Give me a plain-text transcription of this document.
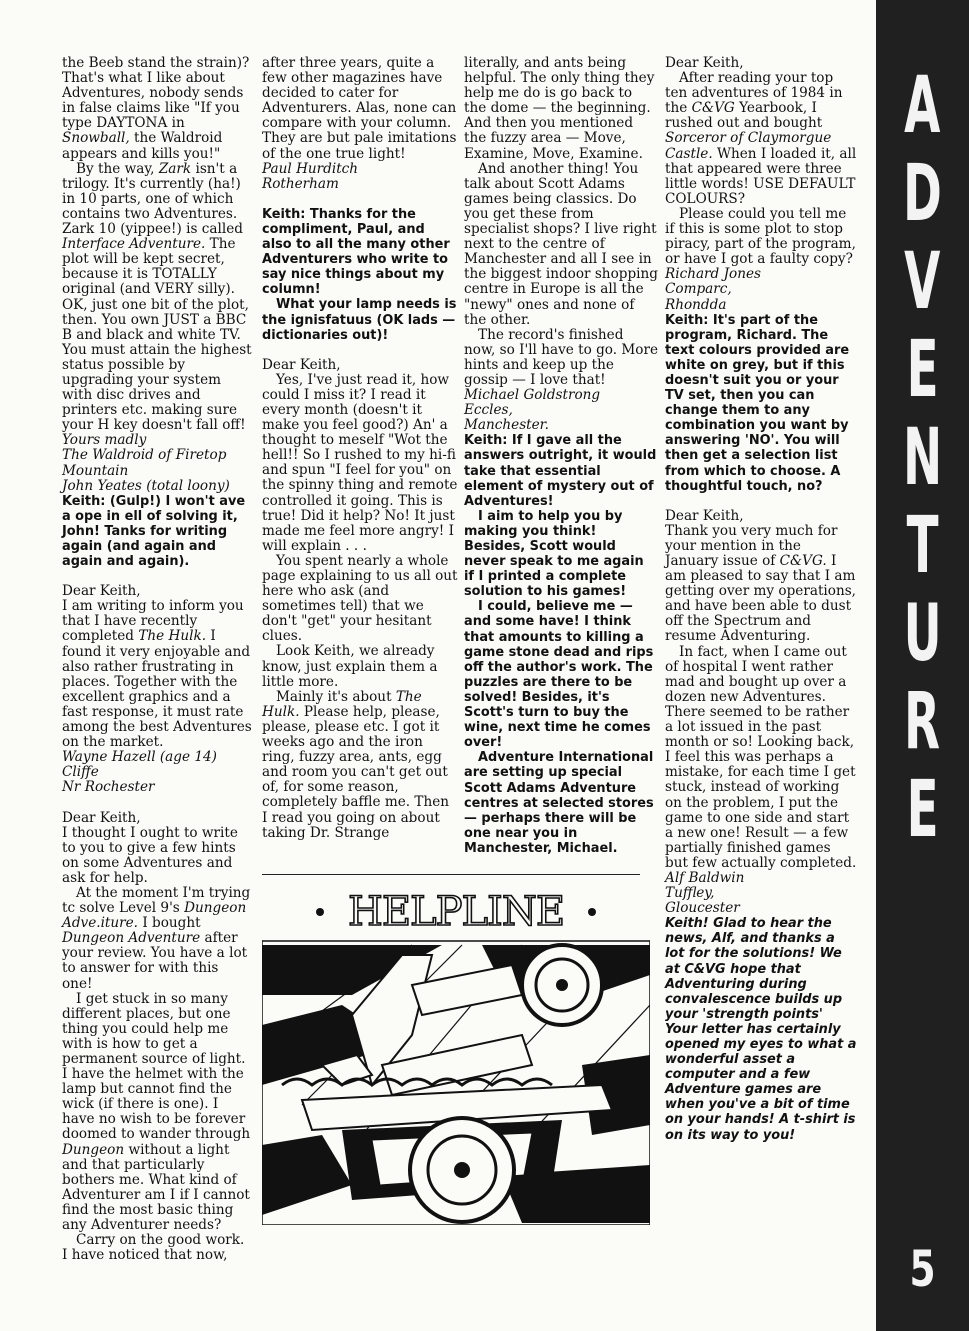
the Beeb stand the strain)? That's what I like about Adventures, nobody sends in false claims like "If you type DAYTONA in Snowball, the Waldroid appears and kills you!"

By the way, Zark isn't a trilogy. It's currently (ha!) in 10 parts, one of which contains two Adventures. Zark 10 (yippee!) is called Interface Adventure. The plot will be kept secret, because it is TOTALLY original (and VERY silly). OK, just one bit of the plot, then. You own JUST a BBC B and black and white TV. You must attain the highest status possible by upgrading your system with disc drives and printers etc. making sure your H key doesn't fall off!

Yours madly

The Waldroid of Firetop Mountain

John Yeates (total loony)

Keith: (Gulp!) I won't ave a ope in ell of solving it, John! Tanks for writing again (and again and again and again).

Dear Keith,

I am writing to inform you that I have recently completed The Hulk. I found it very enjoyable and also rather frustrating in places. Together with the excellent graphics and a fast response, it must rate among the best Adventures on the market.

Wayne Hazell (age 14)

Cliffe

Nr Rochester

Dear Keith,

I thought I ought to write to you to give a few hints on some Adventures and ask for help.

At the moment I'm trying tc solve Level 9's Dungeon Adve.iture. I bought Dungeon Adventure after your review. You have a lot to answer for with this one!

I get stuck in so many different places, but one thing you could help me with is how to get a permanent source of light. I have the helmet with the lamp but cannot find the wick (if there is one). I have no wish to be forever doomed to wander through Dungeon without a light and that particularly bothers me. What kind of Adventurer am I if I cannot find the most basic thing any Adventurer needs?

Carry on the good work. I have noticed that now,

after three years, quite a few other magazines have decided to cater for Adventurers. Alas, none can compare with your column. They are but pale imitations of the one true light!

Paul Hurditch

Rotherham

Keith: Thanks for the compliment, Paul, and also to all the many other Adventurers who write to say nice things about my column!

What your lamp needs is the ignisfatuus (OK lads — dictionaries out)!

Dear Keith,

Yes, I've just read it, how could I miss it? I read it every month (doesn't it make you feel good?) An' a thought to meself "Wot the hell!! So I rushed to my hi-fi and spun "I feel for you" on the spinny thing and remote controlled it going. This is true! Did it help? No! It just made me feel more angry! I will explain . . .

You spent nearly a whole page explaining to us all out here who ask (and sometimes tell) that we don't "get" your hesitant clues.

Look Keith, we already know, just explain them a little more.

Mainly it's about The Hulk. Please help, please, please, please etc. I got it weeks ago and the iron ring, fuzzy area, ants, egg and room you can't get out of, for some reason, completely baffle me. Then I read you going on about taking Dr. Strange

literally, and ants being helpful. The only thing they help me do is go back to the dome — the beginning. And then you mentioned the fuzzy area — Move, Examine, Move, Examine.

And another thing! You talk about Scott Adams games being classics. Do you get these from specialist shops? I live right next to the centre of Manchester and all I see in the biggest indoor shopping centre in Europe is all the "newy" ones and none of the other.

The record's finished now, so I'll have to go. More hints and keep up the gossip — I love that!

Michael Goldstrong

Eccles,

Manchester.

Keith: If I gave all the answers outright, it would take that essential element of mystery out of Adventures!

I aim to help you by making you think! Besides, Scott would never speak to me again if I printed a complete solution to his games!

I could, believe me — and some have! I think that amounts to killing a game stone dead and rips off the author's work. The puzzles are there to be solved! Besides, it's Scott's turn to buy the wine, next time he comes over!

Adventure International are setting up special Scott Adams Adventure centres at selected stores — perhaps there will be one near you in Manchester, Michael.

Dear Keith,

After reading your top ten adventures of 1984 in the C&VG Yearbook, I rushed out and bought Sorceror of Claymorgue Castle. When I loaded it, all that appeared were three little words! USE DEFAULT COLOURS?

Please could you tell me if this is some plot to stop piracy, part of the program, or have I got a faulty copy?

Richard Jones

Comparc,

Rhondda

Keith: It's part of the program, Richard. The text colours provided are white on grey, but if this doesn't suit you or your TV set, then you can change them to any combination you want by answering 'NO'. You will then get a selection list from which to choose. A thoughtful touch, no?

Dear Keith,

Thank you very much for your mention in the January issue of C&VG. I am pleased to say that I am getting over my operations, and have been able to dust off the Spectrum and resume Adventuring.

In fact, when I came out of hospital I went rather mad and bought up over a dozen new Adventures. There seemed to be rather a lot issued in the past month or so! Looking back, I feel this was perhaps a mistake, for each time I get stuck, instead of working on the problem, I put the game to one side and start a new one! Result — a few partially finished games but few actually completed.

Alf Baldwin

Tuffley,

Gloucester

Keith! Glad to hear the news, Alf, and thanks a lot for the solutions! We at C&VG hope that Adventuring during convalescence builds up your 'strength points' Your letter has certainly opened my eyes to what a wonderful asset a computer and a few Adventure games are when you've a bit of time on your hands! A t-shirt is on its way to you!

HELPLINE
A
D
V
E
N
T
U
R
E
5
